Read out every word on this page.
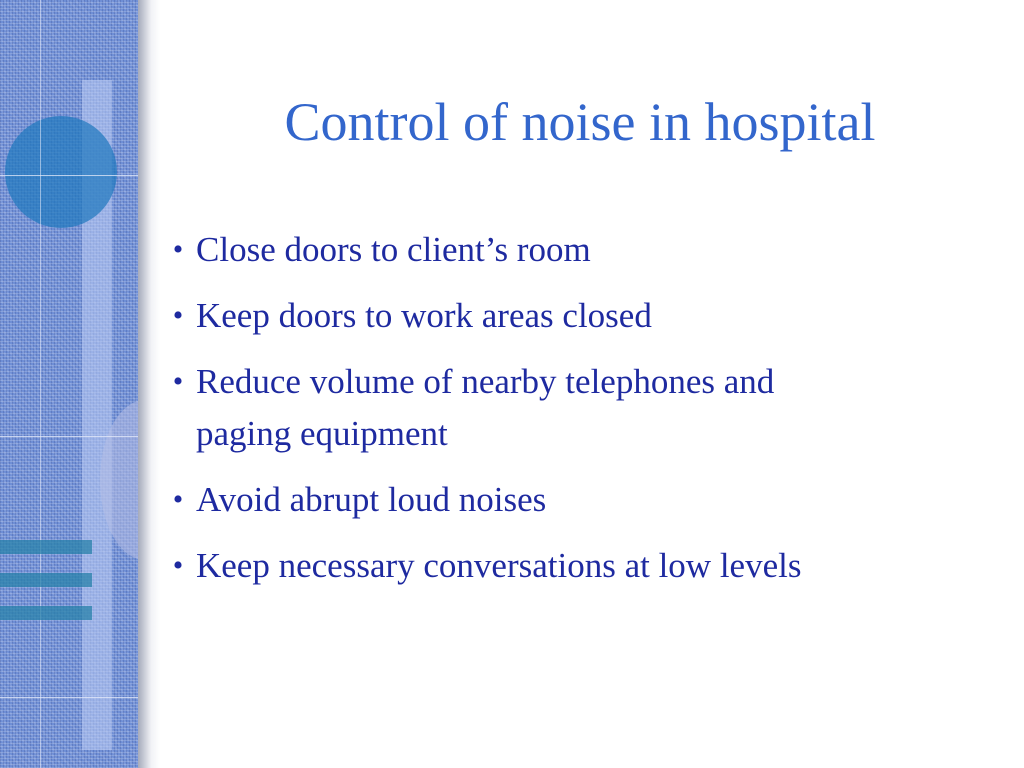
Control of noise in hospital
• Close doors to client’s room
• Keep doors to work areas closed
• Reduce volume of nearby telephones and
paging equipment
• Avoid abrupt loud noises
• Keep necessary conversations at low levels
